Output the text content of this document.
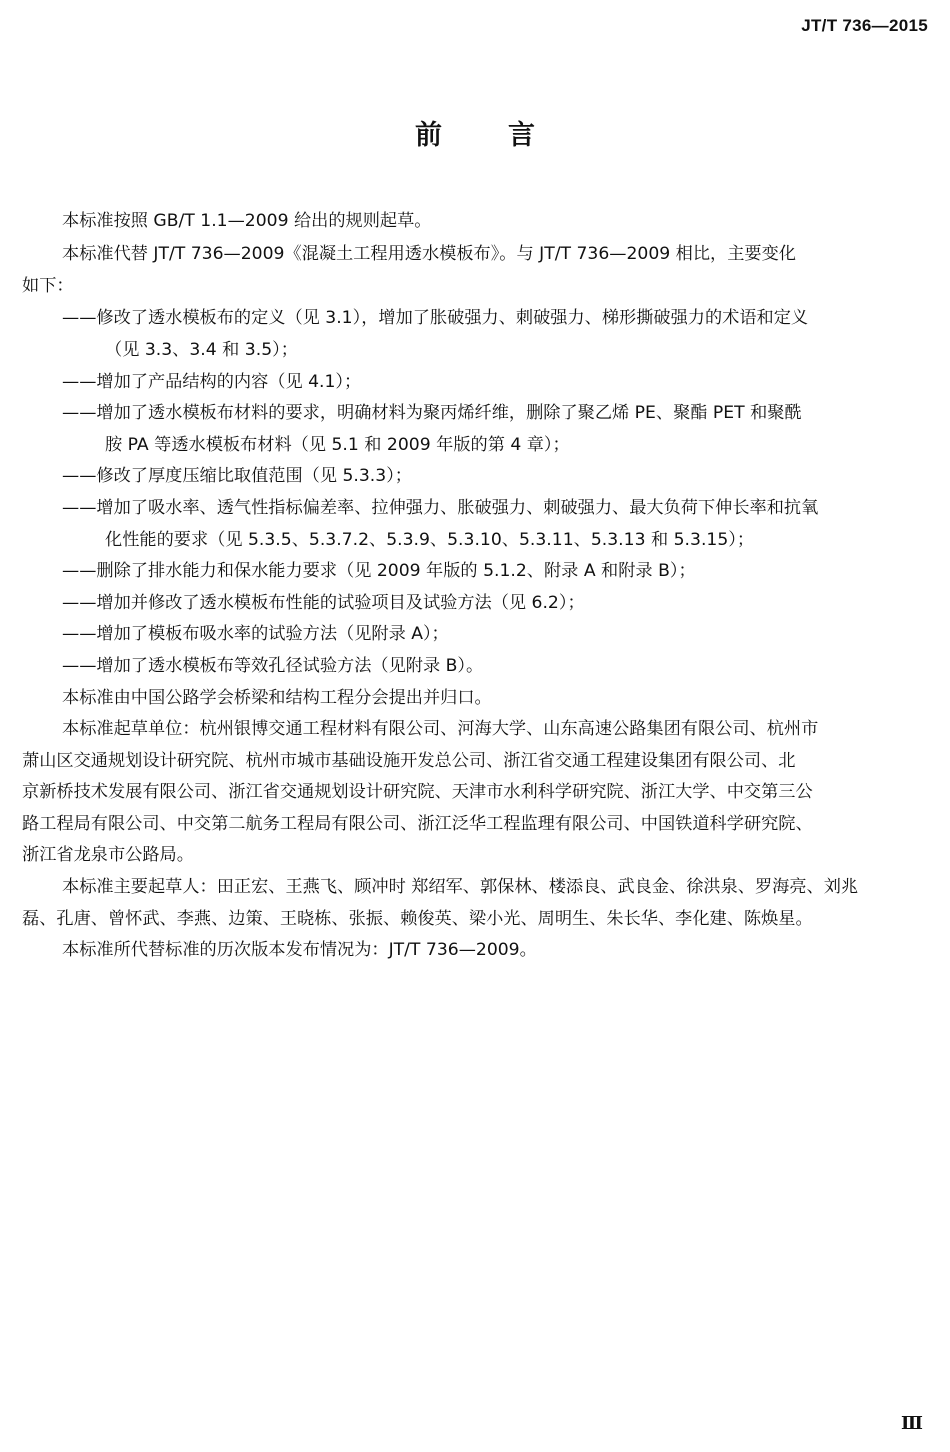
JT/T 736—2015
前 言
本标准按照 GB/T 1.1—2009 给出的规则起草。
本标准代替 JT/T 736—2009《混凝土工程用透水模板布》。与 JT/T 736—2009 相比，主要变化
如下：
——修改了透水模板布的定义（见 3.1），增加了胀破强力、刺破强力、梯形撕破强力的术语和定义
（见 3.3、3.4 和 3.5）；
——增加了产品结构的内容（见 4.1）；
——增加了透水模板布材料的要求，明确材料为聚丙烯纤维，删除了聚乙烯 PE、聚酯 PET 和聚酰
胺 PA 等透水模板布材料（见 5.1 和 2009 年版的第 4 章）；
——修改了厚度压缩比取值范围（见 5.3.3）；
——增加了吸水率、透气性指标偏差率、拉伸强力、胀破强力、刺破强力、最大负荷下伸长率和抗氧
化性能的要求（见 5.3.5、5.3.7.2、5.3.9、5.3.10、5.3.11、5.3.13 和 5.3.15）；
——删除了排水能力和保水能力要求（见 2009 年版的 5.1.2、附录 A 和附录 B）；
——增加并修改了透水模板布性能的试验项目及试验方法（见 6.2）；
——增加了模板布吸水率的试验方法（见附录 A）；
——增加了透水模板布等效孔径试验方法（见附录 B）。
本标准由中国公路学会桥梁和结构工程分会提出并归口。
本标准起草单位：杭州银博交通工程材料有限公司、河海大学、山东高速公路集团有限公司、杭州市
萧山区交通规划设计研究院、杭州市城市基础设施开发总公司、浙江省交通工程建设集团有限公司、北
京新桥技术发展有限公司、浙江省交通规划设计研究院、天津市水利科学研究院、浙江大学、中交第三公
路工程局有限公司、中交第二航务工程局有限公司、浙江泛华工程监理有限公司、中国铁道科学研究院、
浙江省龙泉市公路局。
本标准主要起草人：田正宏、王燕飞、顾冲时 郑绍军、郭保林、楼添良、武良金、徐洪泉、罗海亮、刘兆
磊、孔唐、曾怀武、李燕、边策、王晓栋、张振、赖俊英、梁小光、周明生、朱长华、李化建、陈焕星。
本标准所代替标准的历次版本发布情况为：JT/T 736—2009。
Ⅲ
